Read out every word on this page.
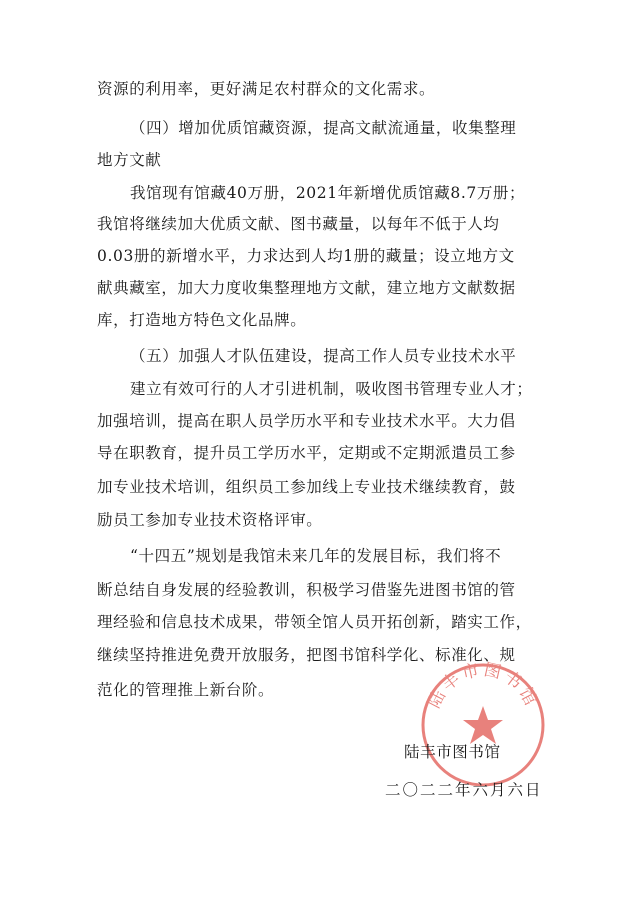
资源的利用率，更好满足农村群众的文化需求。
（四）增加优质馆藏资源，提高文献流通量，收集整理
地方文献
我馆现有馆藏40万册，2021年新增优质馆藏8.7万册；
我馆将继续加大优质文献、图书藏量，以每年不低于人均
0.03册的新增水平，力求达到人均1册的藏量；设立地方文
献典藏室，加大力度收集整理地方文献，建立地方文献数据
库，打造地方特色文化品牌。
（五）加强人才队伍建设，提高工作人员专业技术水平
建立有效可行的人才引进机制，吸收图书管理专业人才；
加强培训，提高在职人员学历水平和专业技术水平。大力倡
导在职教育，提升员工学历水平，定期或不定期派遣员工参
加专业技术培训，组织员工参加线上专业技术继续教育，鼓
励员工参加专业技术资格评审。
“十四五”规划是我馆未来几年的发展目标，我们将不
断总结自身发展的经验教训，积极学习借鉴先进图书馆的管
理经验和信息技术成果，带领全馆人员开拓创新，踏实工作，
继续坚持推进免费开放服务，把图书馆科学化、标准化、规
范化的管理推上新台阶。	陆丰市图书馆
陆丰市图书馆
二〇二二年六月六日
